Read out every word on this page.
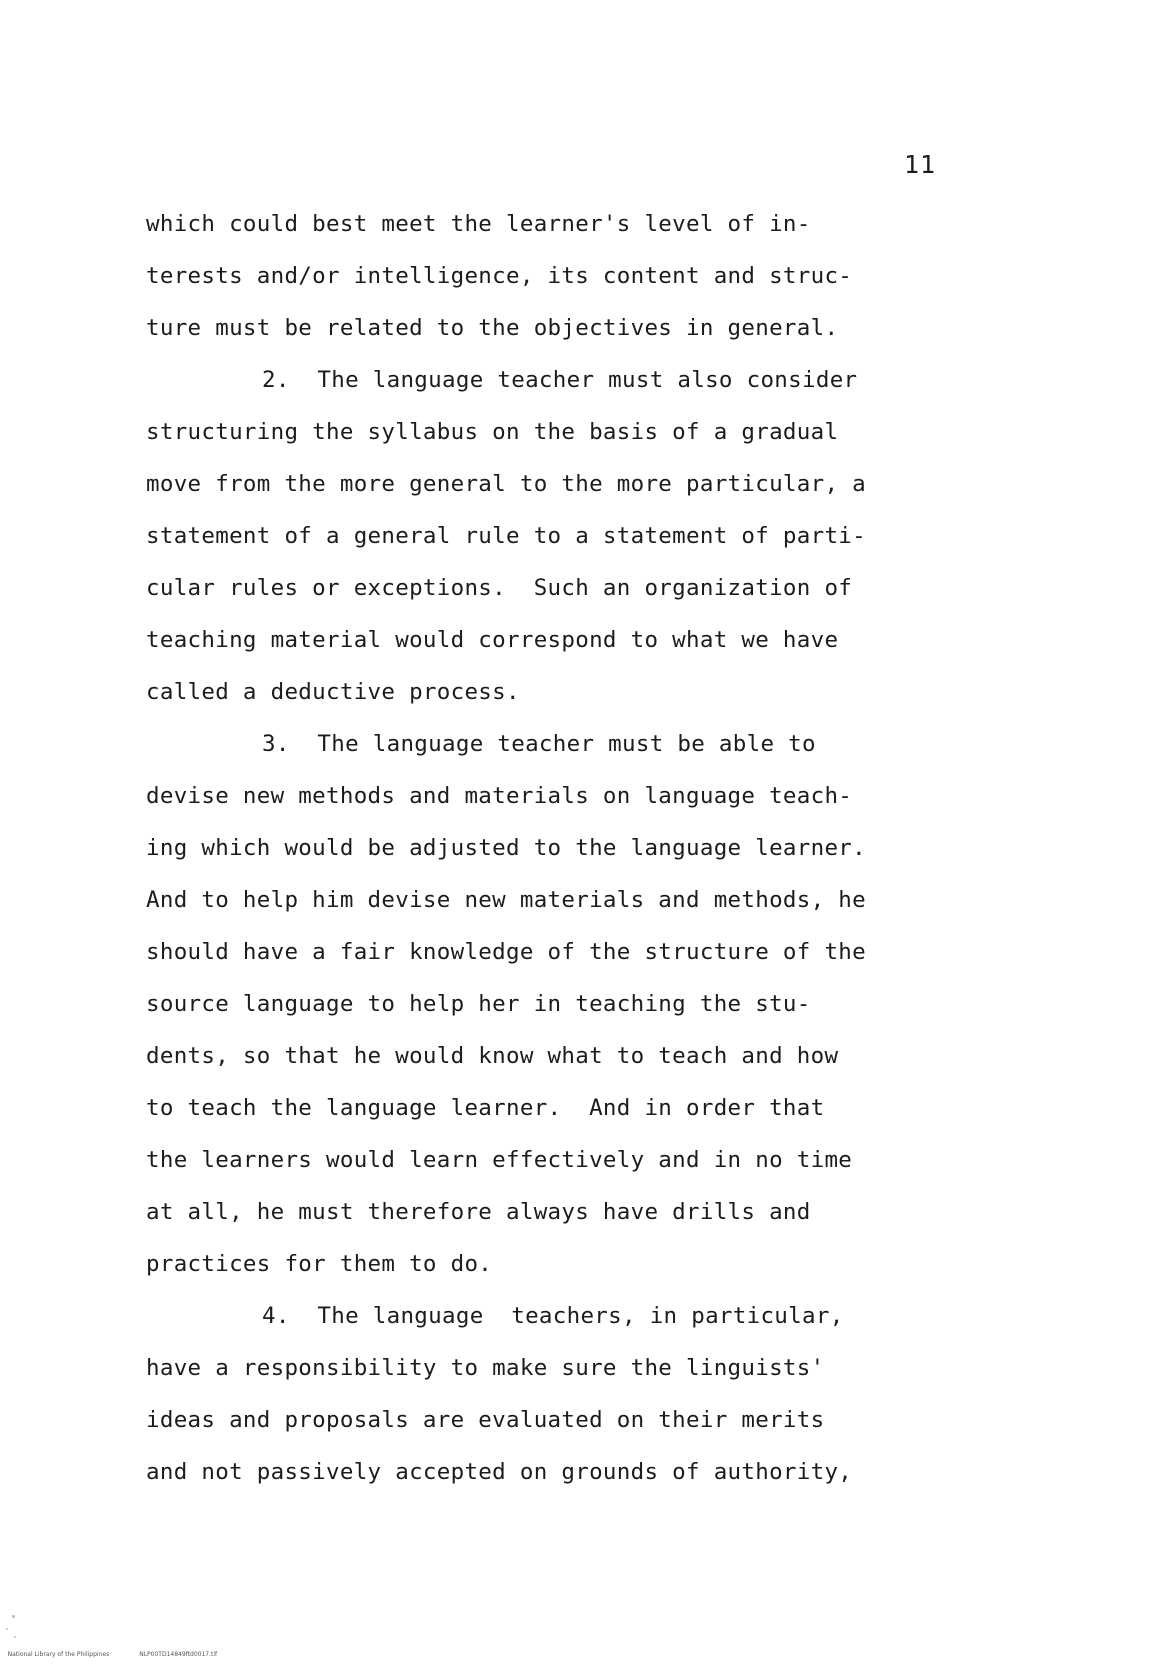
11
which could best meet the learner's level of in-
terests and/or intelligence, its content and struc-
ture must be related to the objectives in general.
2.  The language teacher must also consider
structuring the syllabus on the basis of a gradual
move from the more general to the more particular, a
statement of a general rule to a statement of parti-
cular rules or exceptions.  Such an organization of
teaching material would correspond to what we have
called a deductive process.
3.  The language teacher must be able to
devise new methods and materials on language teach-
ing which would be adjusted to the language learner.
And to help him devise new materials and methods, he
should have a fair knowledge of the structure of the
source language to help her in teaching the stu-
dents, so that he would know what to teach and how
to teach the language learner.  And in order that
the learners would learn effectively and in no time
at all, he must therefore always have drills and
practices for them to do.
4.  The language  teachers, in particular,
have a responsibility to make sure the linguists'
ideas and proposals are evaluated on their merits
and not passively accepted on grounds of authority,

National Library of the Philippines	NLP00TD14849ftd0017.tif
